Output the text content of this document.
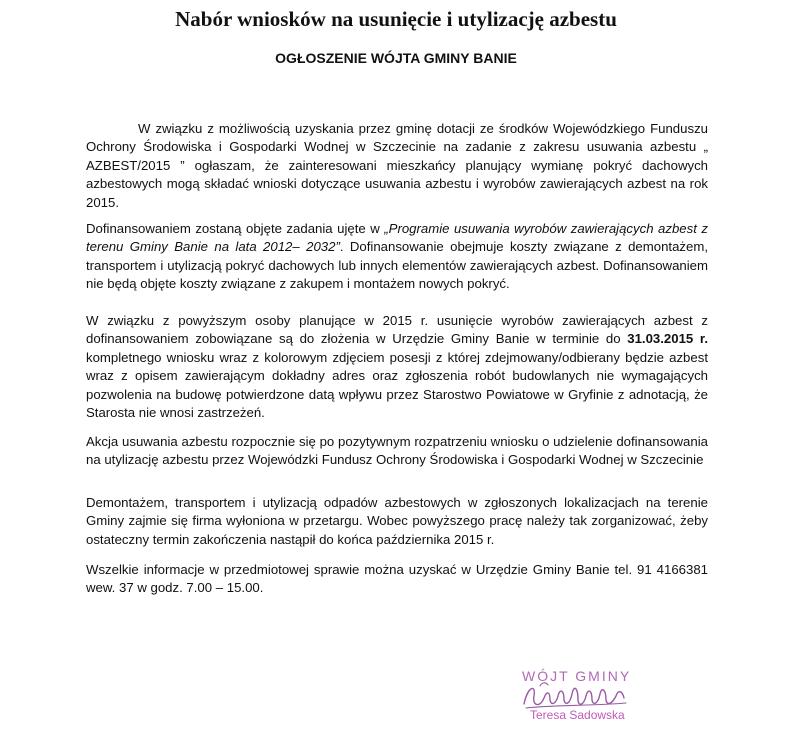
Nabór wniosków na usunięcie i utylizację azbestu
OGŁOSZENIE WÓJTA GMINY BANIE

W związku z możliwością uzyskania przez gminę dotacji ze środków Wojewódzkiego Funduszu Ochrony Środowiska i Gospodarki Wodnej w Szczecinie na zadanie z zakresu usuwania azbestu „ AZBEST/2015 ” ogłaszam, że zainteresowani mieszkańcy planujący wymianę pokryć dachowych azbestowych mogą składać wnioski dotyczące usuwania azbestu i wyrobów zawierających azbest na rok 2015.

Dofinansowaniem zostaną objęte zadania ujęte w „Programie usuwania wyrobów zawierających azbest z terenu Gminy Banie na lata 2012– 2032”. Dofinansowanie obejmuje koszty związane z demontażem, transportem i utylizacją pokryć dachowych lub innych elementów zawierających azbest. Dofinansowaniem nie będą objęte koszty związane z zakupem i montażem nowych pokryć.

W związku z powyższym osoby planujące w 2015 r. usunięcie wyrobów zawierających azbest z dofinansowaniem zobowiązane są do złożenia w Urzędzie Gminy Banie w terminie do 31.03.2015 r. kompletnego wniosku wraz z kolorowym zdjęciem posesji z której zdejmowany/odbierany będzie azbest wraz z opisem zawierającym dokładny adres oraz zgłoszenia robót budowlanych nie wymagających pozwolenia na budowę potwierdzone datą wpływu przez Starostwo Powiatowe w Gryfinie z adnotacją, że Starosta nie wnosi zastrzeżeń.

Akcja usuwania azbestu rozpocznie się po pozytywnym rozpatrzeniu wniosku o udzielenie dofinansowania na utylizację azbestu przez Wojewódzki Fundusz Ochrony Środowiska i Gospodarki Wodnej w Szczecinie

Demontażem, transportem i utylizacją odpadów azbestowych w zgłoszonych lokalizacjach na terenie Gminy zajmie się firma wyłoniona w przetargu. Wobec powyższego pracę należy tak zorganizować, żeby ostateczny termin zakończenia nastąpił do końca października 2015 r.

Wszelkie informacje w przedmiotowej sprawie można uzyskać w Urzędzie Gminy Banie tel. 91 4166381 wew. 37 w godz. 7.00 – 15.00.

WÓJT GMINY
Teresa Sadowska
